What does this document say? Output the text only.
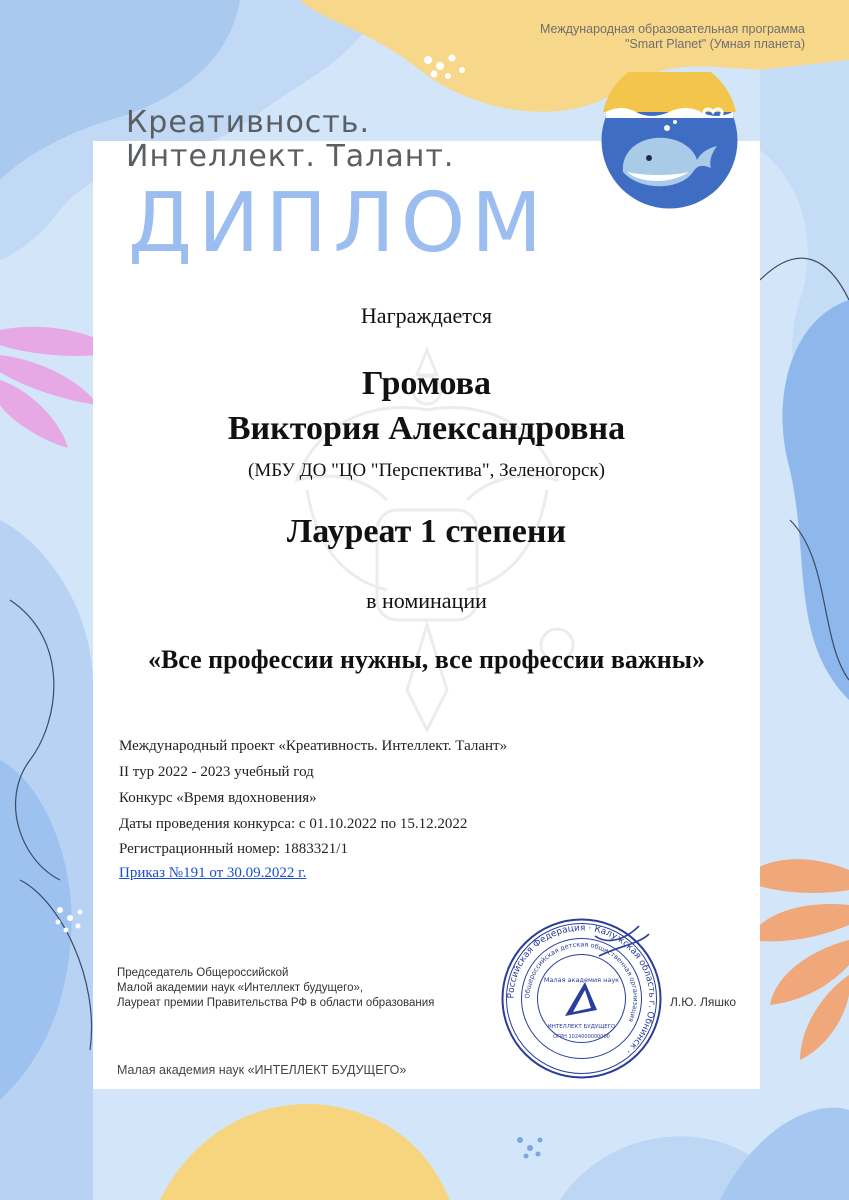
Международная образовательная программа
"Smart Planet" (Умная планета)
Креативность.
Интеллект. Талант.
ДИПЛОМ
Награждается
Громова
Виктория Александровна
(МБУ ДО "ЦО "Перспектива", Зеленогорск)
Лауреат 1 степени
в номинации
«Все профессии нужны, все профессии важны»
Международный проект «Креативность. Интеллект. Талант»
II тур 2022 - 2023 учебный год
Конкурс «Время вдохновения»
Даты проведения конкурса: с 01.10.2022 по 15.12.2022
Регистрационный номер: 1883321/1
Приказ №191 от 30.09.2022 г.
Председатель Общероссийской
Малой академии наук «Интеллект будущего»,
Лауреат премии Правительства РФ в области образования
Российская Федерация · Калужская область г. Обнинск ·
Общероссийская детская общественная организация
Малая академия наук
ИНТЕЛЛЕКТ БУДУЩЕГО
ОГРН 1024000000000
Л.Ю. Ляшко
Малая академия наук «ИНТЕЛЛЕКТ БУДУЩЕГО»
